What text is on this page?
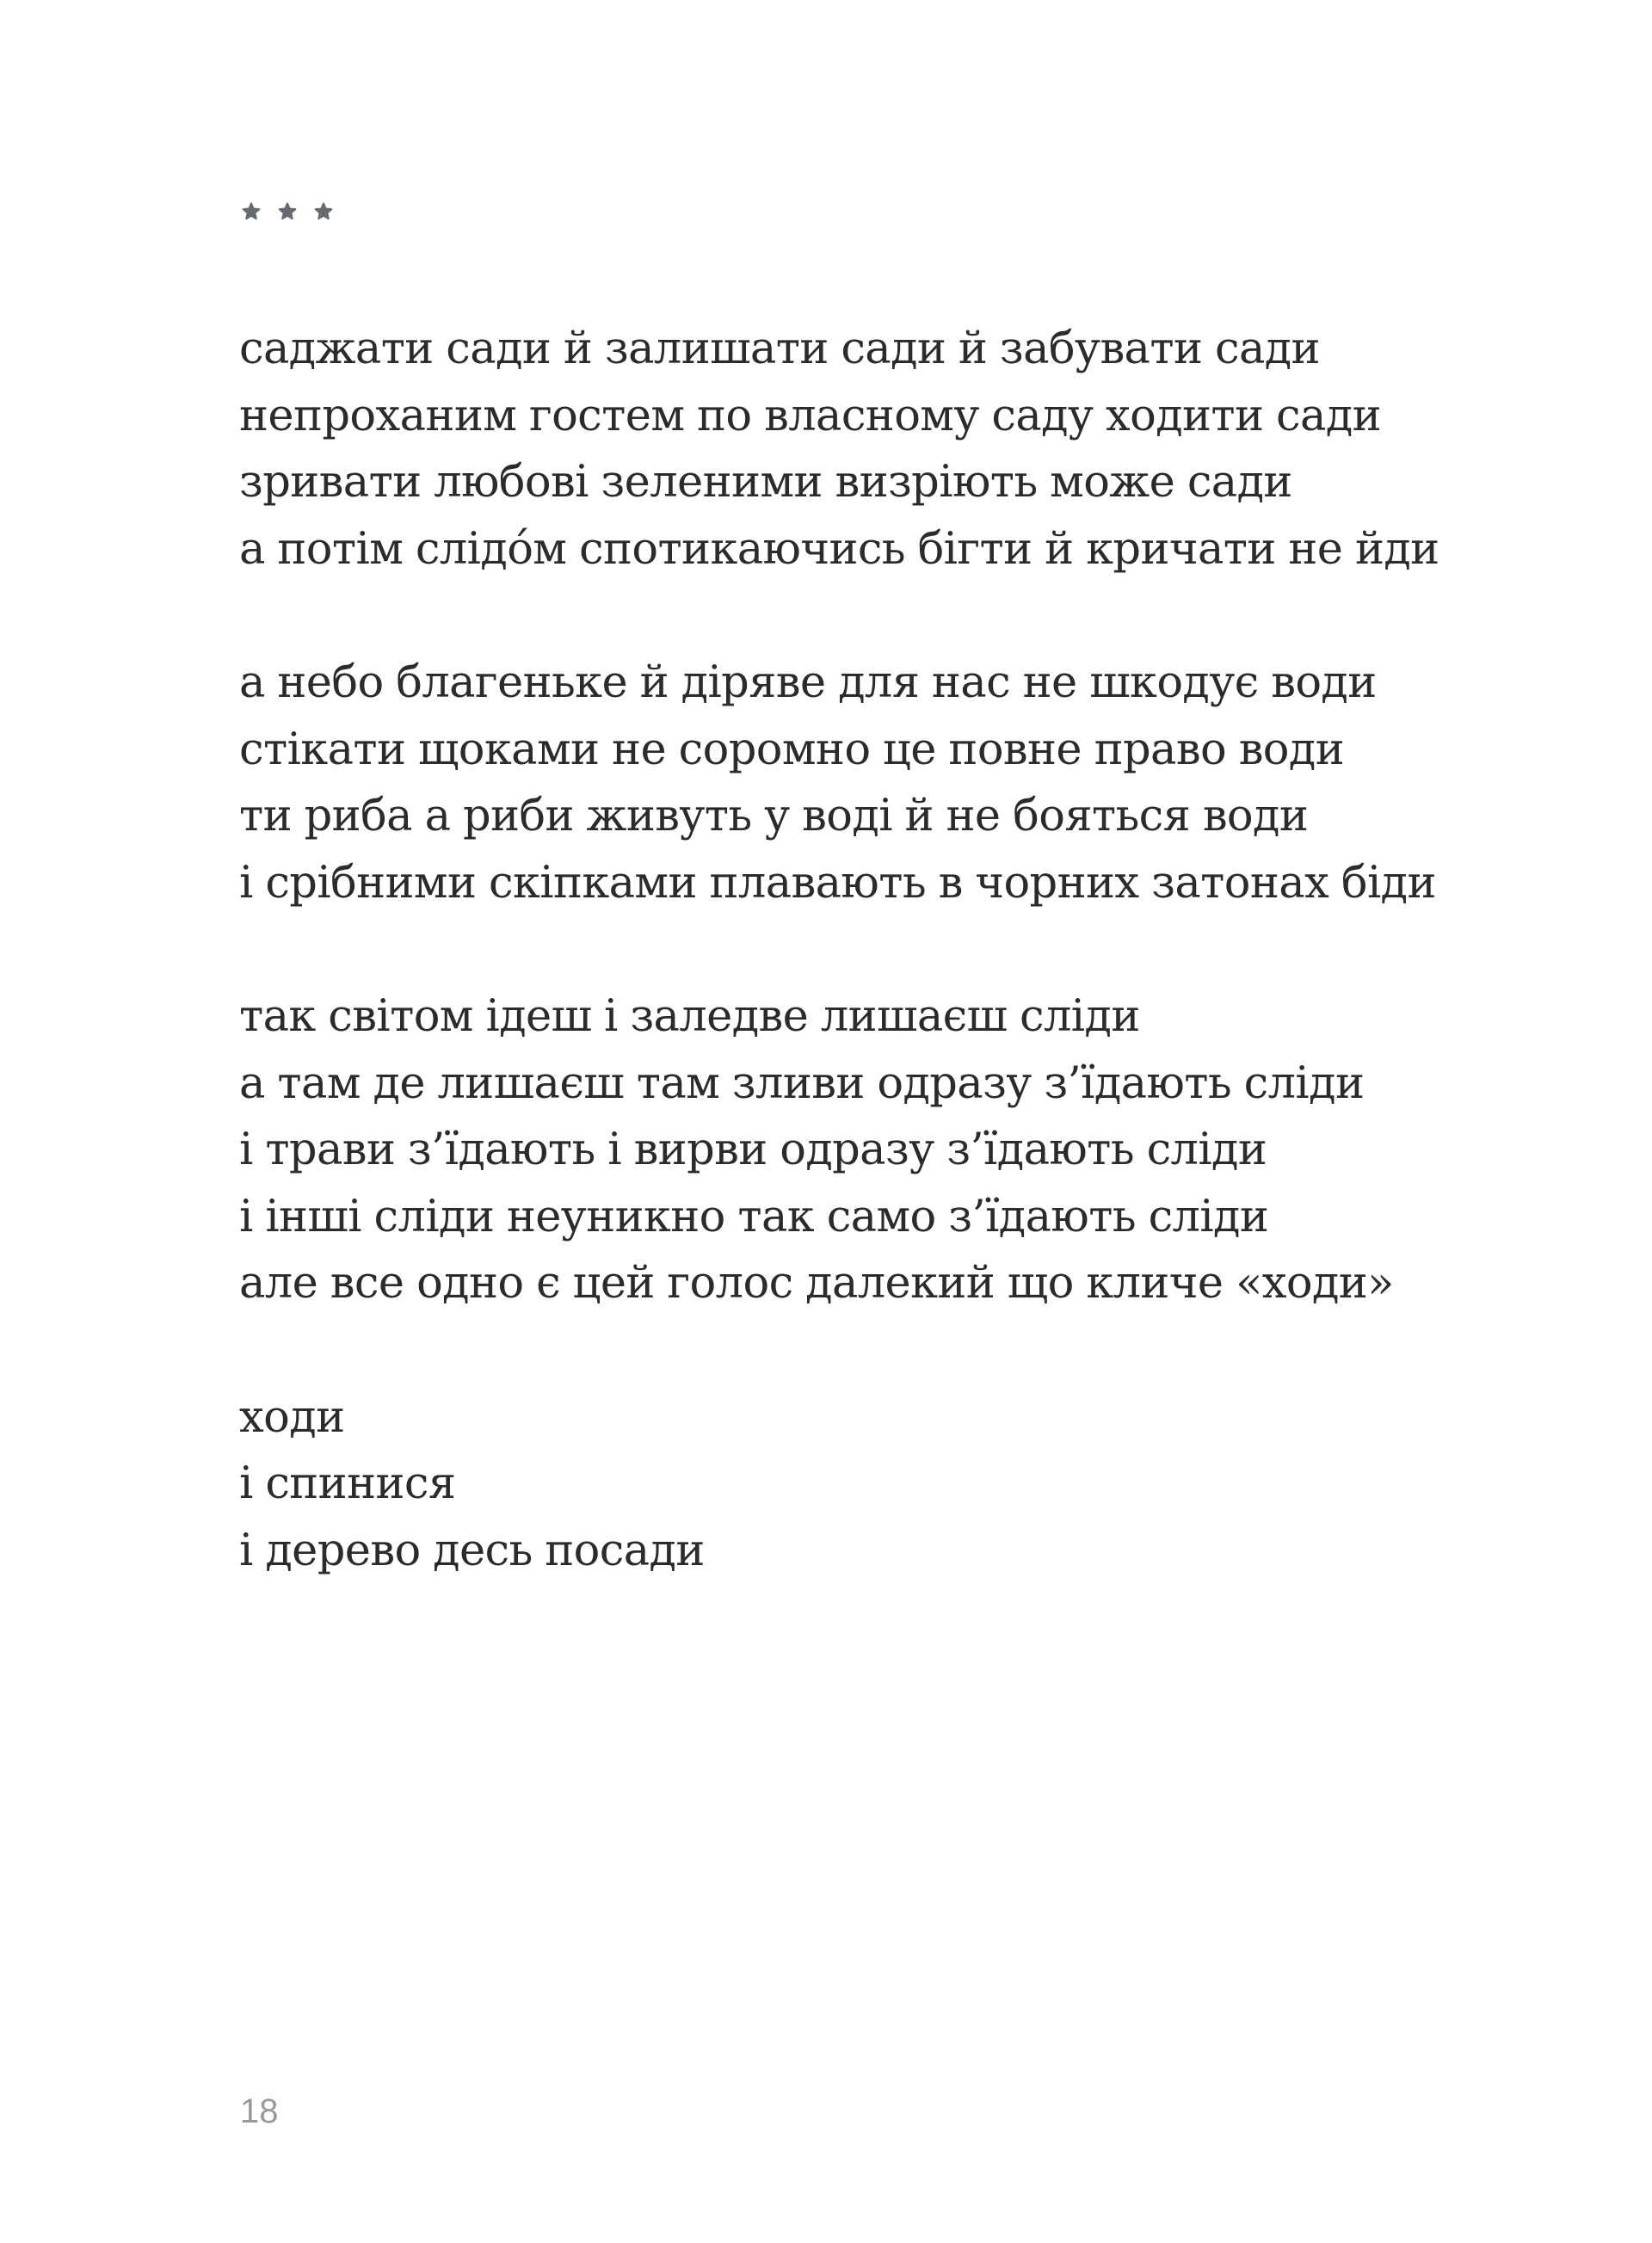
саджати сади й залишати сади й забувати сади
непроханим гостем по власному саду ходити сади
зривати любові зеленими визріють може сади
а потім слідо́м спотикаючись бігти й кричати не йди
а небо благеньке й діряве для нас не шкодує води
стікати щоками не соромно це повне право води
ти риба а риби живуть у воді й не бояться води
і срібними скіпками плавають в чорних затонах біди
так світом ідеш і заледве лишаєш сліди
а там де лишаєш там зливи одразу з’їдають сліди
і трави з’їдають і вирви одразу з’їдають сліди
і інші сліди неуникно так само з’їдають сліди
але все одно є цей голос далекий що кличе «ходи»
ходи
і спинися
і дерево десь посади
18
